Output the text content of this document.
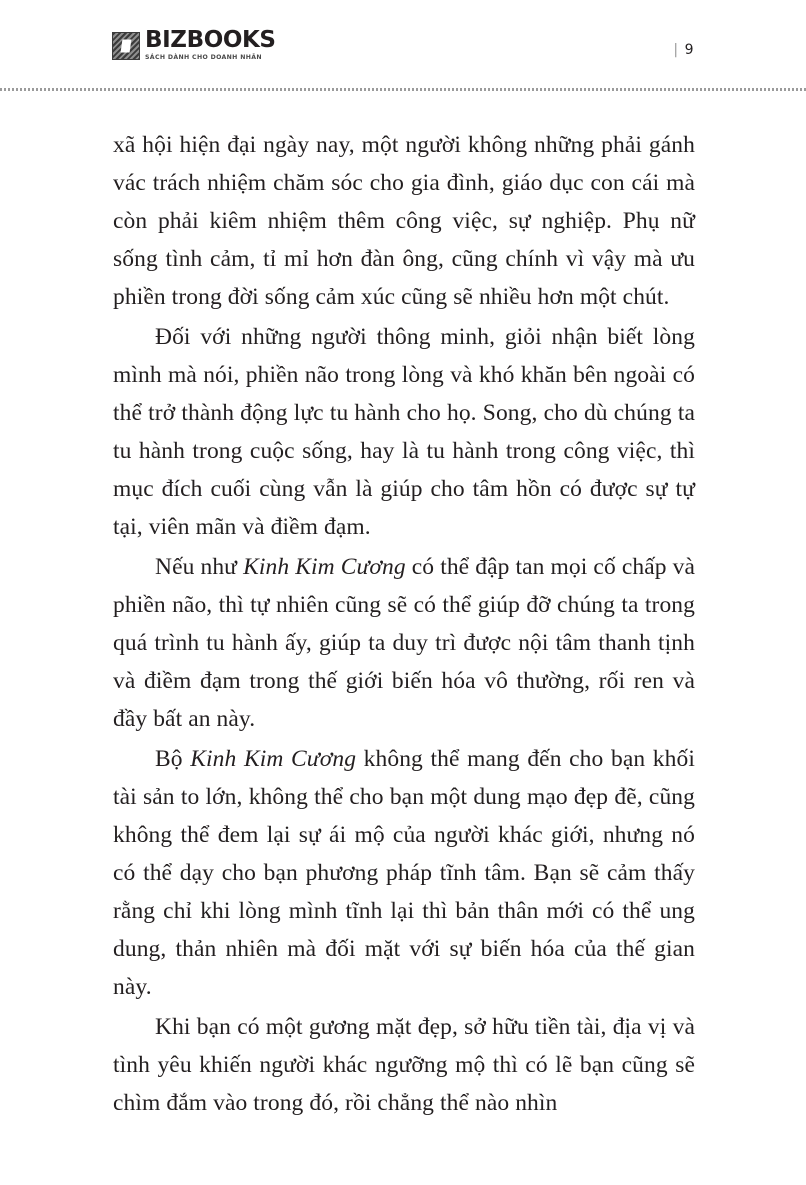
BIZBOOKS
SÁCH DÀNH CHO DOANH NHÂN	| 9

xã hội hiện đại ngày nay, một người không những phải gánh vác trách nhiệm chăm sóc cho gia đình, giáo dục con cái mà còn phải kiêm nhiệm thêm công việc, sự nghiệp. Phụ nữ sống tình cảm, tỉ mỉ hơn đàn ông, cũng chính vì vậy mà ưu phiền trong đời sống cảm xúc cũng sẽ nhiều hơn một chút.

Đối với những người thông minh, giỏi nhận biết lòng mình mà nói, phiền não trong lòng và khó khăn bên ngoài có thể trở thành động lực tu hành cho họ. Song, cho dù chúng ta tu hành trong cuộc sống, hay là tu hành trong công việc, thì mục đích cuối cùng vẫn là giúp cho tâm hồn có được sự tự tại, viên mãn và điềm đạm.

Nếu như Kinh Kim Cương có thể đập tan mọi cố chấp và phiền não, thì tự nhiên cũng sẽ có thể giúp đỡ chúng ta trong quá trình tu hành ấy, giúp ta duy trì được nội tâm thanh tịnh và điềm đạm trong thế giới biến hóa vô thường, rối ren và đầy bất an này.

Bộ Kinh Kim Cương không thể mang đến cho bạn khối tài sản to lớn, không thể cho bạn một dung mạo đẹp đẽ, cũng không thể đem lại sự ái mộ của người khác giới, nhưng nó có thể dạy cho bạn phương pháp tĩnh tâm. Bạn sẽ cảm thấy rằng chỉ khi lòng mình tĩnh lại thì bản thân mới có thể ung dung, thản nhiên mà đối mặt với sự biến hóa của thế gian này.

Khi bạn có một gương mặt đẹp, sở hữu tiền tài, địa vị và tình yêu khiến người khác ngưỡng mộ thì có lẽ bạn cũng sẽ chìm đắm vào trong đó, rồi chẳng thể nào nhìn
